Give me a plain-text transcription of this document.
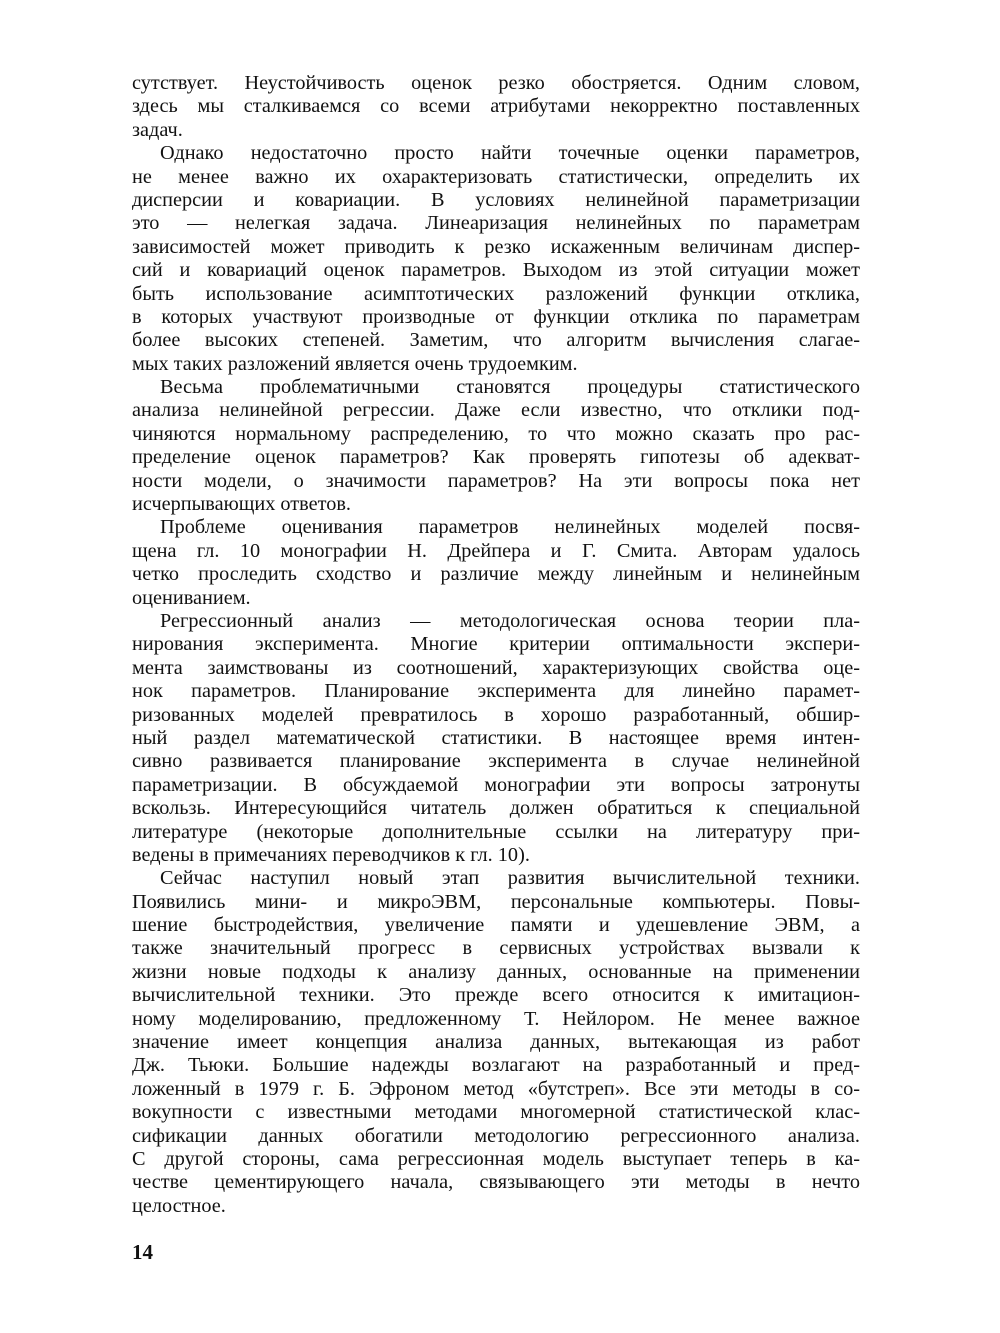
сутствует. Неустойчивость оценок резко обостряется. Одним словом,
здесь мы сталкиваемся со всеми атрибутами некорректно поставленных
задач.
Однако недостаточно просто найти точечные оценки параметров,
не менее важно их охарактеризовать статистически, определить их
дисперсии и ковариации. В условиях нелинейной параметризации
это — нелегкая задача. Линеаризация нелинейных по параметрам
зависимостей может приводить к резко искаженным величинам диспер-
сий и ковариаций оценок параметров. Выходом из этой ситуации может
быть использование асимптотических разложений функции отклика,
в которых участвуют производные от функции отклика по параметрам
более высоких степеней. Заметим, что алгоритм вычисления слагае-
мых таких разложений является очень трудоемким.
Весьма проблематичными становятся процедуры статистического
анализа нелинейной регрессии. Даже если известно, что отклики под-
чиняются нормальному распределению, то что можно сказать про рас-
пределение оценок параметров? Как проверять гипотезы об адекват-
ности модели, о значимости параметров? На эти вопросы пока нет
исчерпывающих ответов.
Проблеме оценивания параметров нелинейных моделей посвя-
щена гл. 10 монографии Н. Дрейпера и Г. Смита. Авторам удалось
четко проследить сходство и различие между линейным и нелинейным
оцениванием.
Регрессионный анализ — методологическая основа теории пла-
нирования эксперимента. Многие критерии оптимальности экспери-
мента заимствованы из соотношений, характеризующих свойства оце-
нок параметров. Планирование эксперимента для линейно парамет-
ризованных моделей превратилось в хорошо разработанный, обшир-
ный раздел математической статистики. В настоящее время интен-
сивно развивается планирование эксперимента в случае нелинейной
параметризации. В обсуждаемой монографии эти вопросы затронуты
вскользь. Интересующийся читатель должен обратиться к специальной
литературе (некоторые дополнительные ссылки на литературу при-
ведены в примечаниях переводчиков к гл. 10).
Сейчас наступил новый этап развития вычислительной техники.
Появились мини- и микроЭВМ, персональные компьютеры. Повы-
шение быстродействия, увеличение памяти и удешевление ЭВМ, а
также значительный прогресс в сервисных устройствах вызвали к
жизни новые подходы к анализу данных, основанные на применении
вычислительной техники. Это прежде всего относится к имитацион-
ному моделированию, предложенному Т. Нейлором. Не менее важное
значение имеет концепция анализа данных, вытекающая из работ
Дж. Тьюки. Большие надежды возлагают на разработанный и пред-
ложенный в 1979 г. Б. Эфроном метод «бутстреп». Все эти методы в со-
вокупности с известными методами многомерной статистической клас-
сификации данных обогатили методологию регрессионного анализа.
С другой стороны, сама регрессионная модель выступает теперь в ка-
честве цементирующего начала, связывающего эти методы в нечто
целостное.
14
